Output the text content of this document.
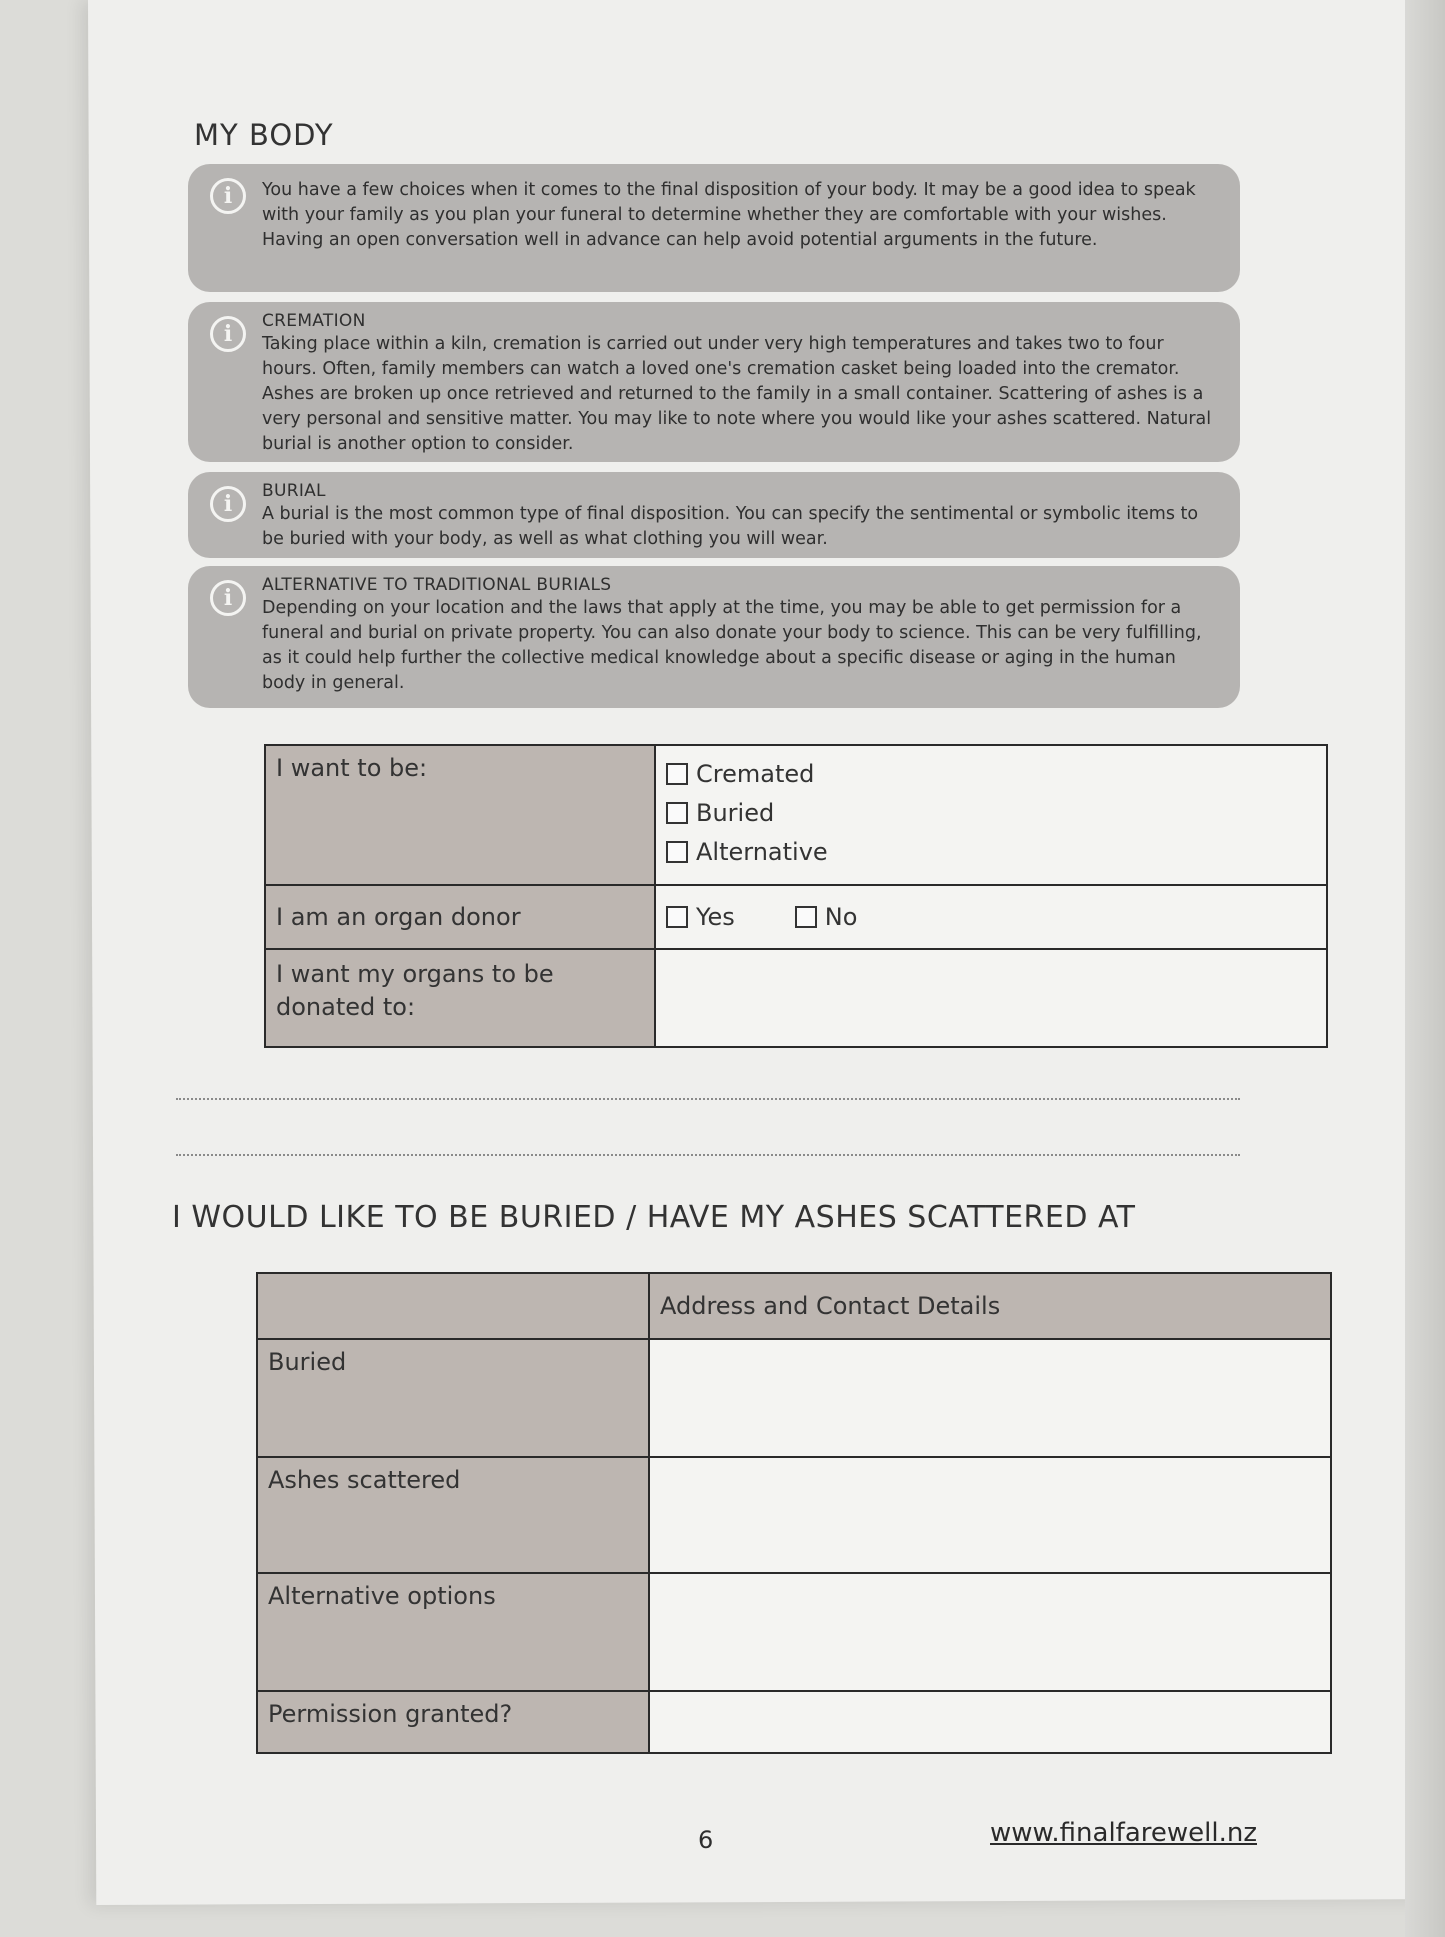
MY BODY
i	You have a few choices when it comes to the final disposition of your body. It may be a good idea to speak with your family as you plan your funeral to determine whether they are comfortable with your wishes. Having an open conversation well in advance can help avoid potential arguments in the future.
i	CREMATION
Taking place within a kiln, cremation is carried out under very high temperatures and takes two to four hours. Often, family members can watch a loved one's cremation casket being loaded into the cremator. Ashes are broken up once retrieved and returned to the family in a small container. Scattering of ashes is a very personal and sensitive matter. You may like to note where you would like your ashes scattered. Natural burial is another option to consider.
i	BURIAL
A burial is the most common type of final disposition. You can specify the sentimental or symbolic items to be buried with your body, as well as what clothing you will wear.
i	ALTERNATIVE TO TRADITIONAL BURIALS
Depending on your location and the laws that apply at the time, you may be able to get permission for a funeral and burial on private property. You can also donate your body to science. This can be very fulfilling, as it could help further the collective medical knowledge about a specific disease or aging in the human body in general.
I want to be:	Cremated
Buried
Alternative

I am an organ donor	Yes No

I want my organs to be donated to:	
I WOULD LIKE TO BE BURIED / HAVE MY ASHES SCATTERED AT
	Address and Contact Details
Buried	
Ashes scattered	
Alternative options	
Permission granted?	
6	www.finalfarewell.nz
